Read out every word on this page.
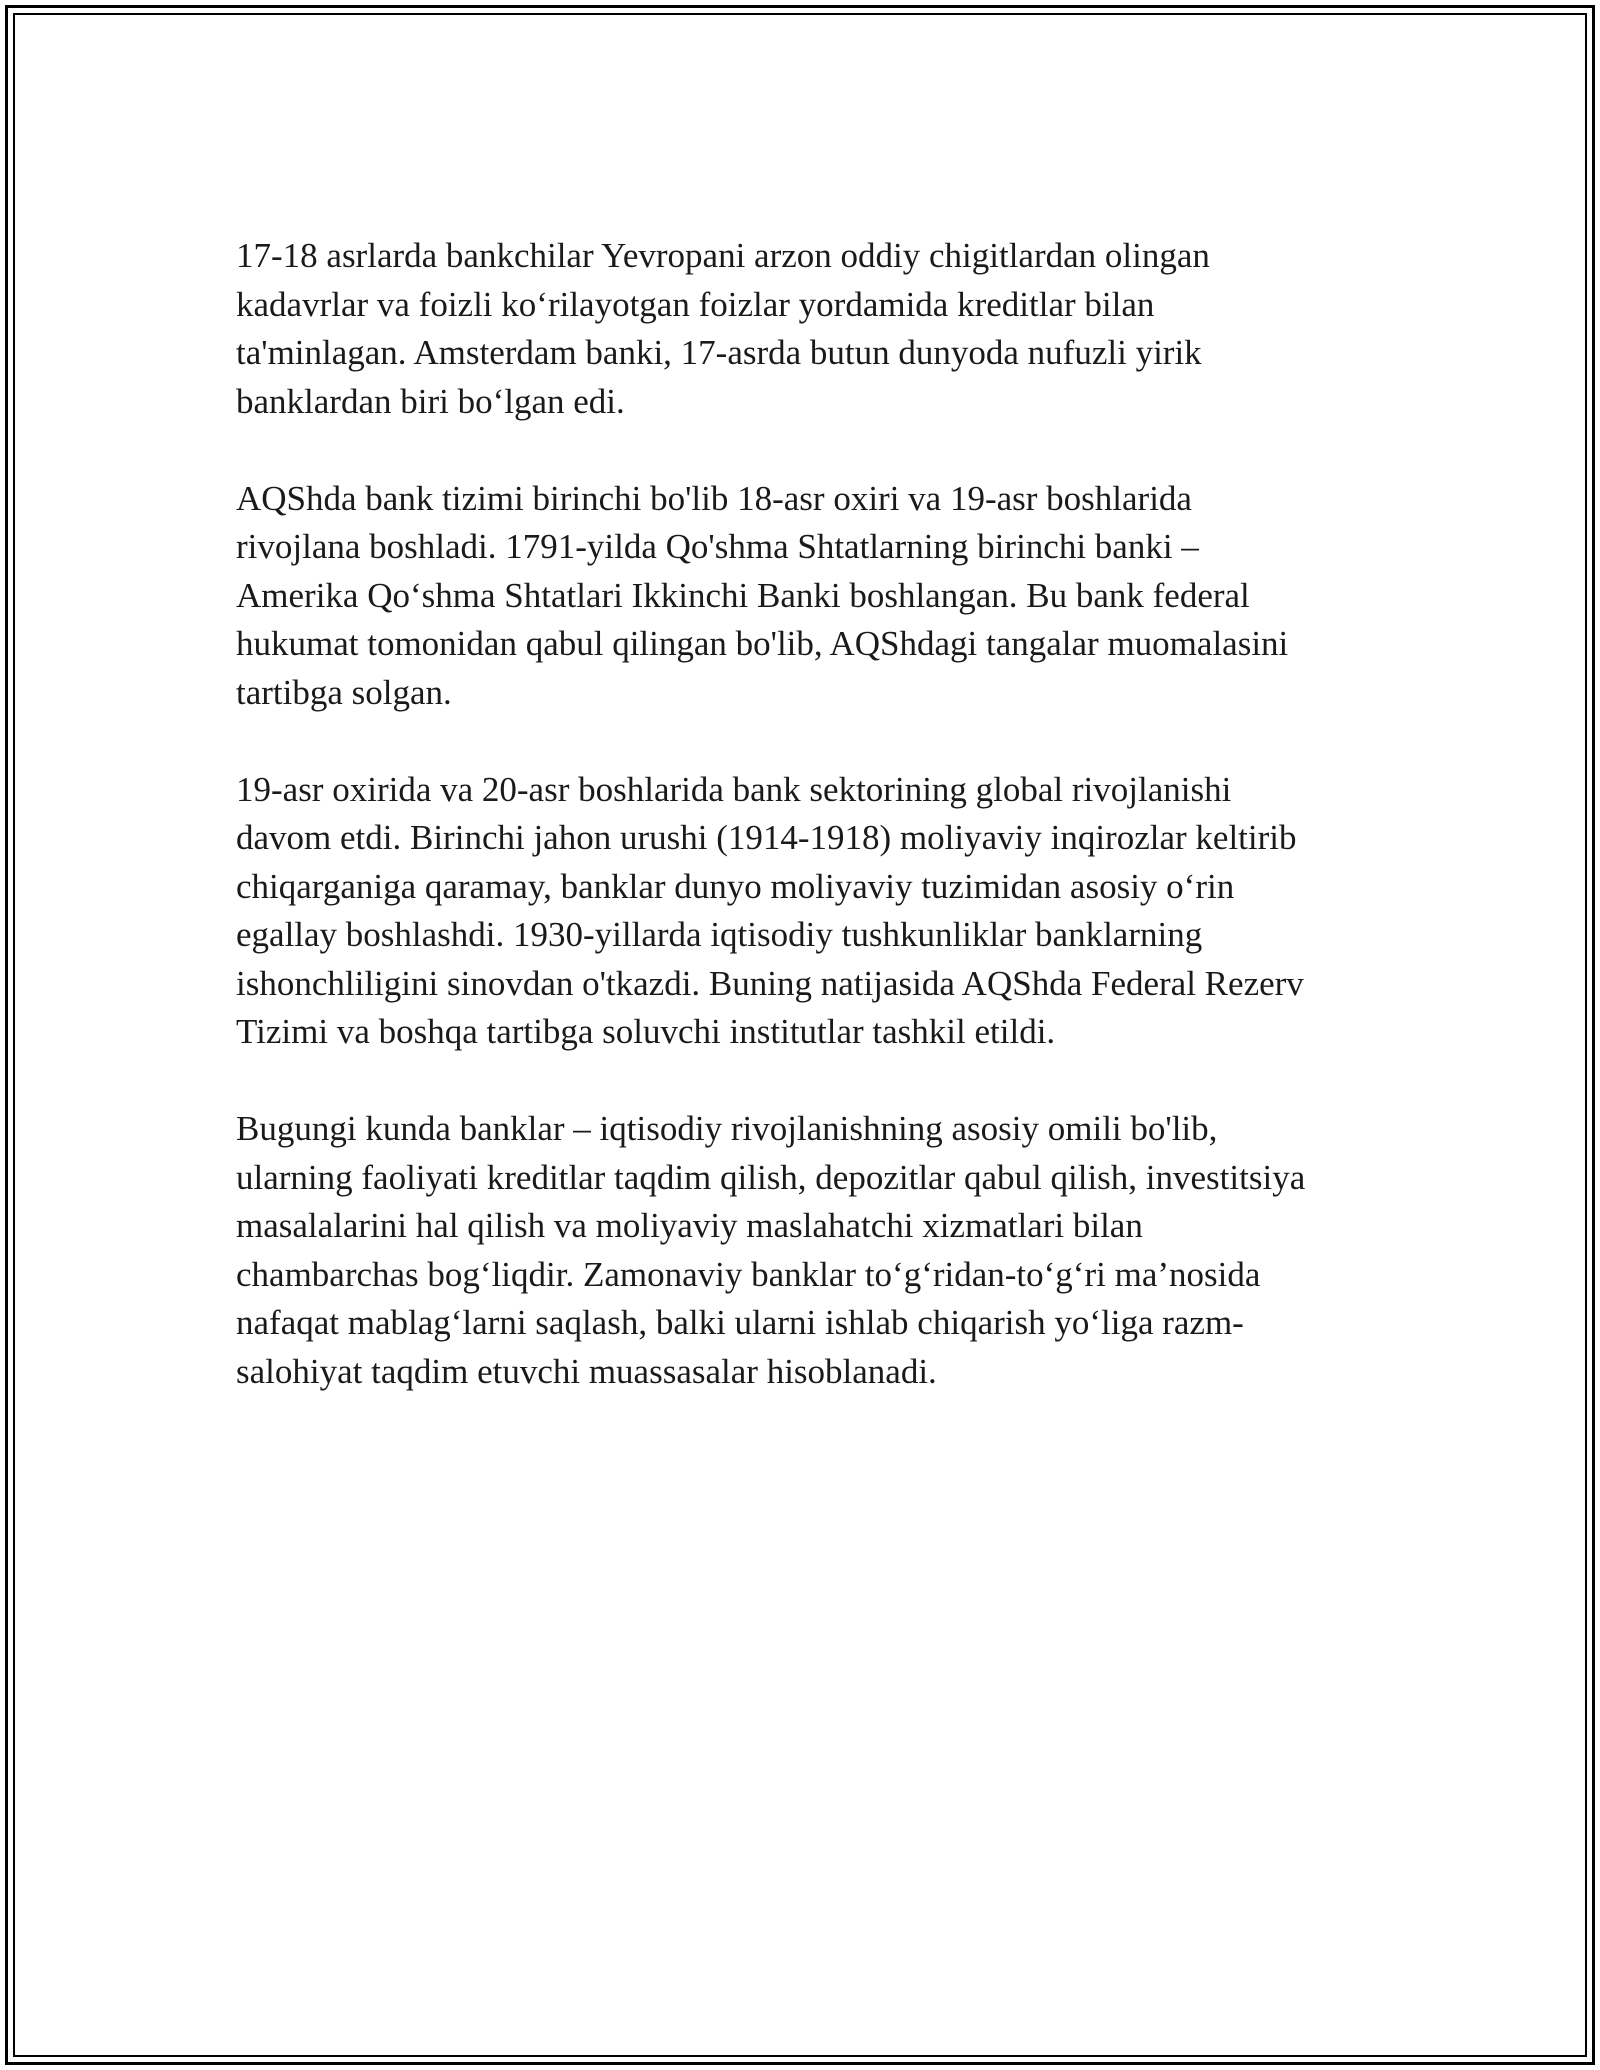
17-18 asrlarda bankchilar Yevropani arzon oddiy chigitlardan olingan
kadavrlar va foizli ko‘rilayotgan foizlar yordamida kreditlar bilan
ta'minlagan. Amsterdam banki, 17-asrda butun dunyoda nufuzli yirik
banklardan biri bo‘lgan edi.

AQShda bank tizimi birinchi bo'lib 18-asr oxiri va 19-asr boshlarida
rivojlana boshladi. 1791-yilda Qo'shma Shtatlarning birinchi banki –
Amerika Qo‘shma Shtatlari Ikkinchi Banki boshlangan. Bu bank federal
hukumat tomonidan qabul qilingan bo'lib, AQShdagi tangalar muomalasini
tartibga solgan.

19-asr oxirida va 20-asr boshlarida bank sektorining global rivojlanishi
davom etdi. Birinchi jahon urushi (1914-1918) moliyaviy inqirozlar keltirib
chiqarganiga qaramay, banklar dunyo moliyaviy tuzimidan asosiy o‘rin
egallay boshlashdi. 1930-yillarda iqtisodiy tushkunliklar banklarning
ishonchliligini sinovdan o'tkazdi. Buning natijasida AQShda Federal Rezerv
Tizimi va boshqa tartibga soluvchi institutlar tashkil etildi.

Bugungi kunda banklar – iqtisodiy rivojlanishning asosiy omili bo'lib,
ularning faoliyati kreditlar taqdim qilish, depozitlar qabul qilish, investitsiya
masalalarini hal qilish va moliyaviy maslahatchi xizmatlari bilan
chambarchas bog‘liqdir. Zamonaviy banklar to‘g‘ridan-to‘g‘ri ma’nosida
nafaqat mablag‘larni saqlash, balki ularni ishlab chiqarish yo‘liga razm-
salohiyat taqdim etuvchi muassasalar hisoblanadi.
